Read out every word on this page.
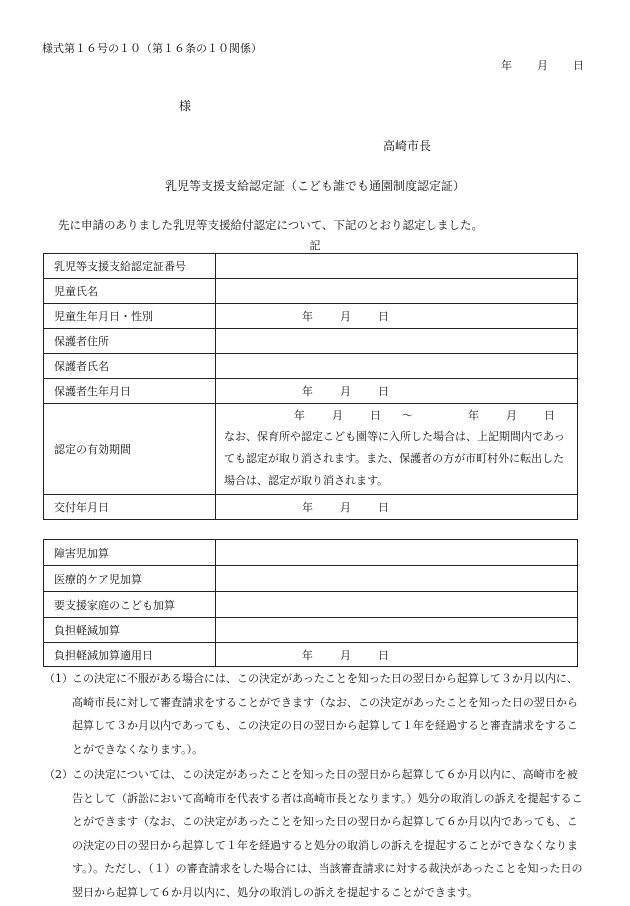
様式第１６号の１０（第１６条の１０関係）
年 月 日
様
高崎市長
乳児等支援支給認定証（こども誰でも通園制度認定証）
先に申請のありました乳児等支援給付認定について、下記のとおり認定しました。
記
乳児等支援支給認定証番号	
児童氏名	
児童生年月日・性別	年 月 日
保護者住所	
保護者氏名	
保護者生年月日	年 月 日
認定の有効期間	年 月 日 ～ 年 月 日
なお、保育所や認定こども園等に入所した場合は、上記期間内であっても認定が取り消されます。また、保護者の方が市町村外に転出した場合は、認定が取り消されます。

交付年月日	年 月 日
障害児加算	
医療的ケア児加算	
要支援家庭のこども加算	
負担軽減加算	
負担軽減加算適用日	年 月 日
（1） この決定に不服がある場合には、この決定があったことを知った日の翌日から起算して３か月以内に、高崎市長に対して審査請求をすることができます（なお、この決定があったことを知った日の翌日から起算して３か月以内であっても、この決定の日の翌日から起算して１年を経過すると審査請求をすることができなくなります。）。
（2） この決定については、この決定があったことを知った日の翌日から起算して６か月以内に、高崎市を被告として（訴訟において高崎市を代表する者は高崎市長となります。）処分の取消しの訴えを提起することができます（なお、この決定があったことを知った日の翌日から起算して６か月以内であっても、この決定の日の翌日から起算して１年を経過すると処分の取消しの訴えを提起することができなくなります。）。ただし、（１）の審査請求をした場合には、当該審査請求に対する裁決があったことを知った日の翌日から起算して６か月以内に、処分の取消しの訴えを提起することができます。
